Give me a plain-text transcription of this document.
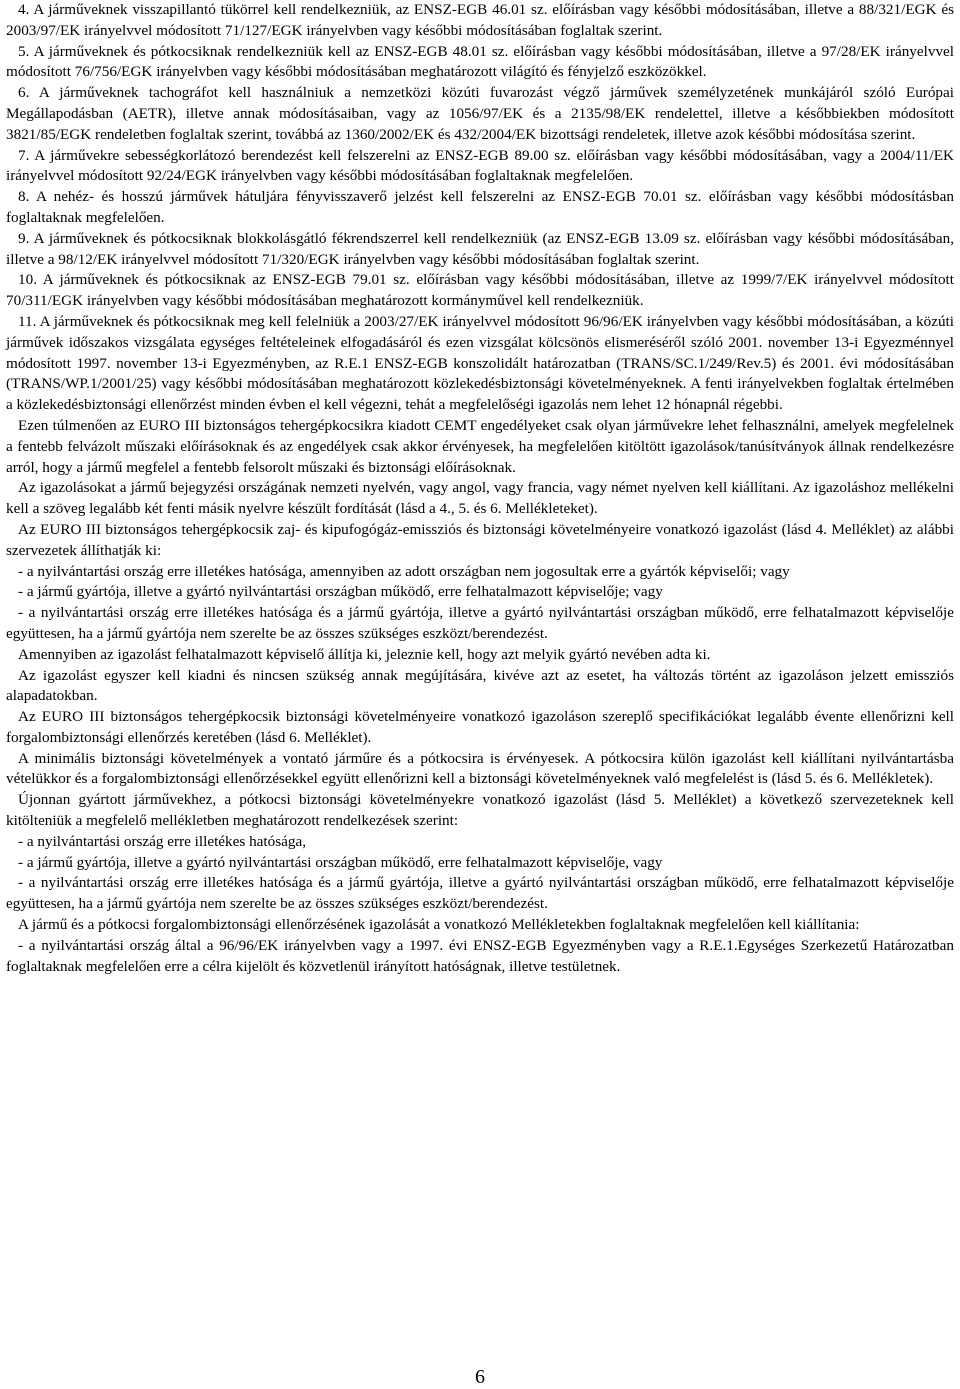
4. A járműveknek visszapillantó tükörrel kell rendelkezniük, az ENSZ-EGB 46.01 sz. előírásban vagy későbbi módosításában, illetve a 88/321/EGK és 2003/97/EK irányelvvel módosított 71/127/EGK irányelvben vagy későbbi módosításában foglaltak szerint.

5. A járműveknek és pótkocsiknak rendelkezniük kell az ENSZ-EGB 48.01 sz. előírásban vagy későbbi módosításában, illetve a 97/28/EK irányelvvel módosított 76/756/EGK irányelvben vagy későbbi módosításában meghatározott világító és fényjelző eszközökkel.

6. A járműveknek tachográfot kell használniuk a nemzetközi közúti fuvarozást végző járművek személyzetének munkájáról szóló Európai Megállapodásban (AETR), illetve annak módosításaiban, vagy az 1056/97/EK és a 2135/98/EK rendelettel, illetve a későbbiekben módosított 3821/85/EGK rendeletben foglaltak szerint, továbbá az 1360/2002/EK és 432/2004/EK bizottsági rendeletek, illetve azok későbbi módosítása szerint.

7. A járművekre sebességkorlátozó berendezést kell felszerelni az ENSZ-EGB 89.00 sz. előírásban vagy későbbi módosításában, vagy a 2004/11/EK irányelvvel módosított 92/24/EGK irányelvben vagy későbbi módosításában foglaltaknak megfelelően.

8. A nehéz- és hosszú járművek hátuljára fényvisszaverő jelzést kell felszerelni az ENSZ-EGB 70.01 sz. előírásban vagy későbbi módosításban foglaltaknak megfelelően.

9. A járműveknek és pótkocsiknak blokkolásgátló fékrendszerrel kell rendelkezniük (az ENSZ-EGB 13.09 sz. előírásban vagy későbbi módosításában, illetve a 98/12/EK irányelvvel módosított 71/320/EGK irányelvben vagy későbbi módosításában foglaltak szerint.

10. A járműveknek és pótkocsiknak az ENSZ-EGB 79.01 sz. előírásban vagy későbbi módosításában, illetve az 1999/7/EK irányelvvel módosított 70/311/EGK irányelvben vagy későbbi módosításában meghatározott kormányművel kell rendelkezniük.

11. A járműveknek és pótkocsiknak meg kell felelniük a 2003/27/EK irányelvvel módosított 96/96/EK irányelvben vagy későbbi módosításában, a közúti járművek időszakos vizsgálata egységes feltételeinek elfogadásáról és ezen vizsgálat kölcsönös elismeréséről szóló 2001. november 13-i Egyezménnyel módosított 1997. november 13-i Egyezményben, az R.E.1 ENSZ-EGB konszolidált határozatban (TRANS/SC.1/249/Rev.5) és 2001. évi módosításában (TRANS/WP.1/2001/25) vagy későbbi módosításában meghatározott közlekedésbiztonsági követelményeknek. A fenti irányelvekben foglaltak értelmében a közlekedésbiztonsági ellenőrzést minden évben el kell végezni, tehát a megfelelőségi igazolás nem lehet 12 hónapnál régebbi.

Ezen túlmenően az EURO III biztonságos tehergépkocsikra kiadott CEMT engedélyeket csak olyan járművekre lehet felhasználni, amelyek megfelelnek a fentebb felvázolt műszaki előírásoknak és az engedélyek csak akkor érvényesek, ha megfelelően kitöltött igazolások/tanúsítványok állnak rendelkezésre arról, hogy a jármű megfelel a fentebb felsorolt műszaki és biztonsági előírásoknak.

Az igazolásokat a jármű bejegyzési országának nemzeti nyelvén, vagy angol, vagy francia, vagy német nyelven kell kiállítani. Az igazoláshoz mellékelni kell a szöveg legalább két fenti másik nyelvre készült fordítását (lásd a 4., 5. és 6. Mellékleteket).

Az EURO III biztonságos tehergépkocsik zaj- és kipufogógáz-emissziós és biztonsági követelményeire vonatkozó igazolást (lásd 4. Melléklet) az alábbi szervezetek állíthatják ki:

- a nyilvántartási ország erre illetékes hatósága, amennyiben az adott országban nem jogosultak erre a gyártók képviselői; vagy

- a jármű gyártója, illetve a gyártó nyilvántartási országban működő, erre felhatalmazott képviselője; vagy

- a nyilvántartási ország erre illetékes hatósága és a jármű gyártója, illetve a gyártó nyilvántartási országban működő, erre felhatalmazott képviselője együttesen, ha a jármű gyártója nem szerelte be az összes szükséges eszközt/berendezést.

Amennyiben az igazolást felhatalmazott képviselő állítja ki, jeleznie kell, hogy azt melyik gyártó nevében adta ki.

Az igazolást egyszer kell kiadni és nincsen szükség annak megújítására, kivéve azt az esetet, ha változás történt az igazoláson jelzett emissziós alapadatokban.

Az EURO III biztonságos tehergépkocsik biztonsági követelményeire vonatkozó igazoláson szereplő specifikációkat legalább évente ellenőrizni kell forgalombiztonsági ellenőrzés keretében (lásd 6. Melléklet).

A minimális biztonsági követelmények a vontató járműre és a pótkocsira is érvényesek. A pótkocsira külön igazolást kell kiállítani nyilvántartásba vételükkor és a forgalombiztonsági ellenőrzésekkel együtt ellenőrizni kell a biztonsági követelményeknek való megfelelést is (lásd 5. és 6. Mellékletek).

Újonnan gyártott járművekhez, a pótkocsi biztonsági követelményekre vonatkozó igazolást (lásd 5. Melléklet) a következő szervezeteknek kell kitölteniük a megfelelő mellékletben meghatározott rendelkezések szerint:

- a nyilvántartási ország erre illetékes hatósága,

- a jármű gyártója, illetve a gyártó nyilvántartási országban működő, erre felhatalmazott képviselője, vagy

- a nyilvántartási ország erre illetékes hatósága és a jármű gyártója, illetve a gyártó nyilvántartási országban működő, erre felhatalmazott képviselője együttesen, ha a jármű gyártója nem szerelte be az összes szükséges eszközt/berendezést.

A jármű és a pótkocsi forgalombiztonsági ellenőrzésének igazolását a vonatkozó Mellékletekben foglaltaknak megfelelően kell kiállítania:

- a nyilvántartási ország által a 96/96/EK irányelvben vagy a 1997. évi ENSZ-EGB Egyezményben vagy a R.E.1.Egységes Szerkezetű Határozatban foglaltaknak megfelelően erre a célra kijelölt és közvetlenül irányított hatóságnak, illetve testületnek.

6
